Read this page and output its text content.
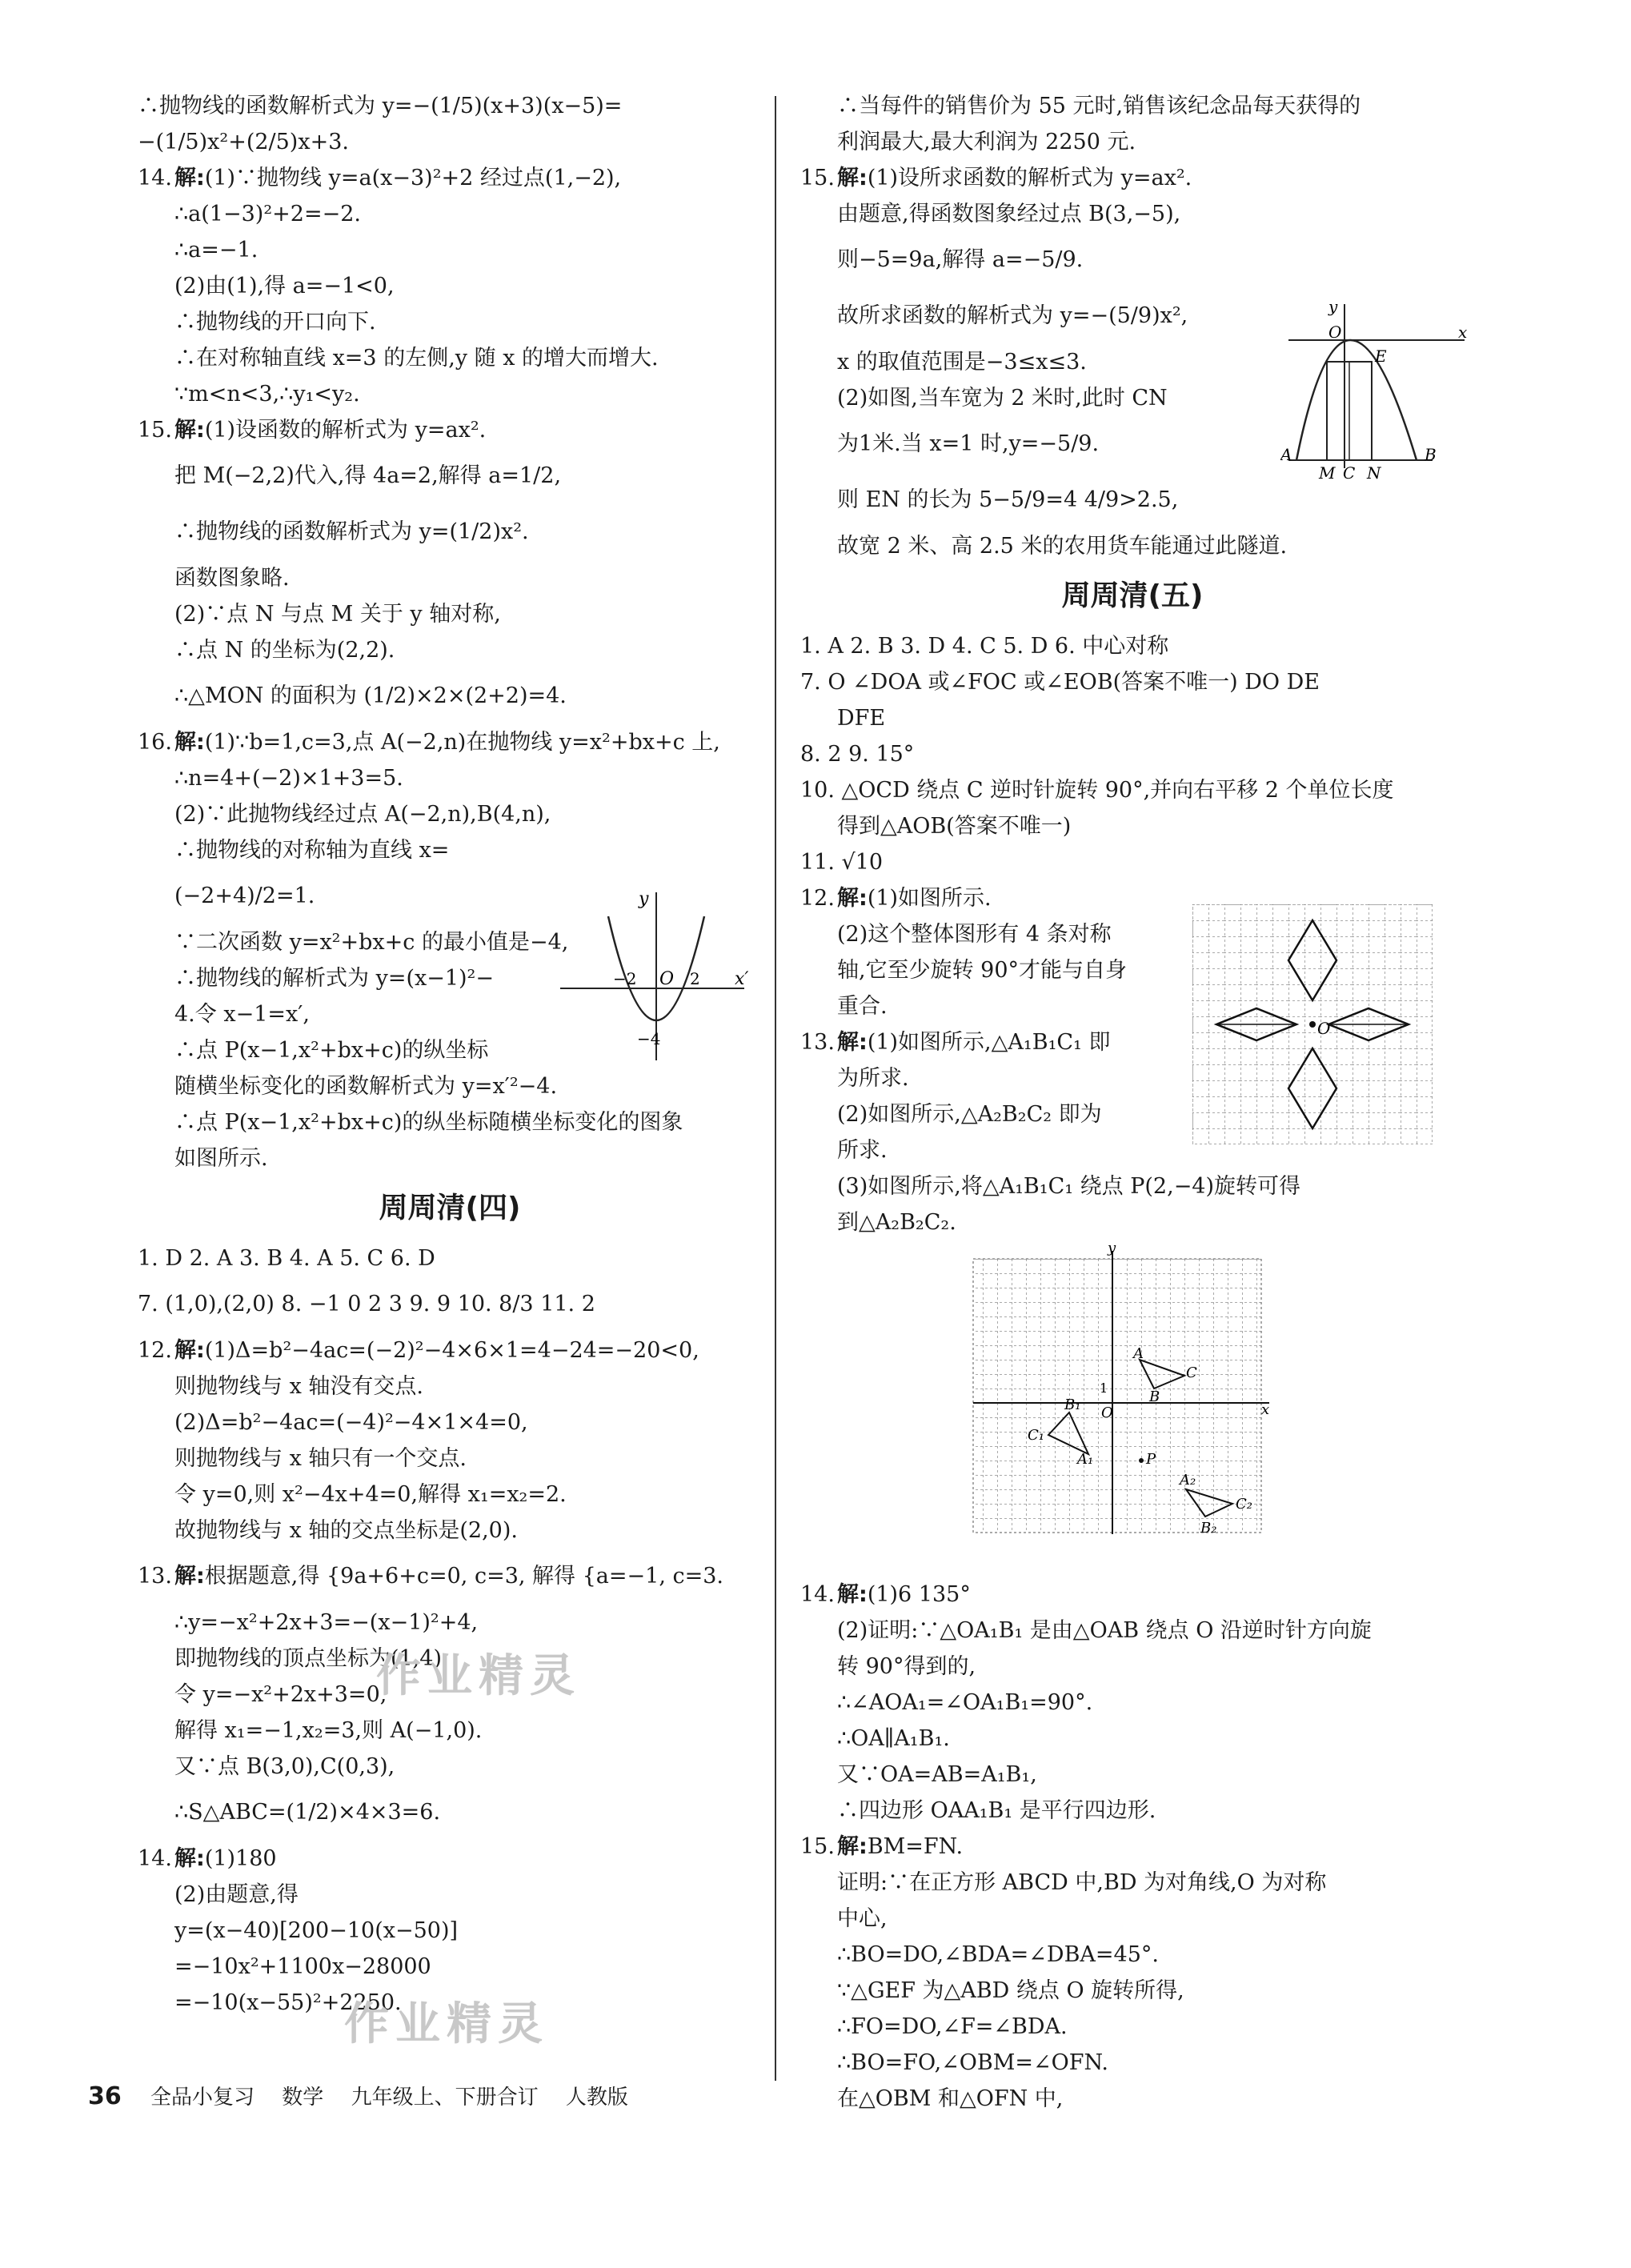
∴抛物线的函数解析式为 y=−(1/5)(x+3)(x−5)=
−(1/5)x²+(2/5)x+3.
14. 解:(1)∵抛物线 y=a(x−3)²+2 经过点(1,−2),
∴a(1−3)²+2=−2.
∴a=−1.
(2)由(1),得 a=−1<0,
∴抛物线的开口向下.
∴在对称轴直线 x=3 的左侧,y 随 x 的增大而增大.
∵m<n<3,∴y₁<y₂.
15. 解:(1)设函数的解析式为 y=ax².
把 M(−2,2)代入,得 4a=2,解得 a=1/2,
∴抛物线的函数解析式为 y=(1/2)x².
函数图象略.
(2)∵点 N 与点 M 关于 y 轴对称,
∴点 N 的坐标为(2,2).
∴△MON 的面积为 (1/2)×2×(2+2)=4.
16. 解:(1)∵b=1,c=3,点 A(−2,n)在抛物线 y=x²+bx+c 上,
∴n=4+(−2)×1+3=5.
(2)∵此抛物线经过点 A(−2,n),B(4,n),
∴抛物线的对称轴为直线 x=
(−2+4)/2=1.
∵二次函数 y=x²+bx+c 的最小值是−4,
∴抛物线的解析式为 y=(x−1)²−
4.令 x−1=x′,
∴点 P(x−1,x²+bx+c)的纵坐标
随横坐标变化的函数解析式为 y=x′²−4.
∴点 P(x−1,x²+bx+c)的纵坐标随横坐标变化的图象
如图所示.
周周清(四)
1. D 2. A 3. B 4. A 5. C 6. D
7. (1,0),(2,0) 8. −1 0 2 3 9. 9 10. 8/3 11. 2
12. 解:(1)Δ=b²−4ac=(−2)²−4×6×1=4−24=−20<0,
则抛物线与 x 轴没有交点.
(2)Δ=b²−4ac=(−4)²−4×1×4=0,
则抛物线与 x 轴只有一个交点.
令 y=0,则 x²−4x+4=0,解得 x₁=x₂=2.
故抛物线与 x 轴的交点坐标是(2,0).
13. 解:根据题意,得 {9a+6+c=0, c=3, 解得 {a=−1, c=3.
∴y=−x²+2x+3=−(x−1)²+4,
即抛物线的顶点坐标为(1,4).
令 y=−x²+2x+3=0,
解得 x₁=−1,x₂=3,则 A(−1,0).
又∵点 B(3,0),C(0,3),
∴S△ABC=(1/2)×4×3=6.
14. 解:(1)180
(2)由题意,得
y=(x−40)[200−10(x−50)]
=−10x²+1100x−28000
=−10(x−55)²+2250.
y
x′
O
−2	2
−4
∴当每件的销售价为 55 元时,销售该纪念品每天获得的
利润最大,最大利润为 2250 元.
15. 解:(1)设所求函数的解析式为 y=ax².
由题意,得函数图象经过点 B(3,−5),
则−5=9a,解得 a=−5/9.
故所求函数的解析式为 y=−(5/9)x²,
x 的取值范围是−3≤x≤3.
(2)如图,当车宽为 2 米时,此时 CN
为1米.当 x=1 时,y=−5/9.
则 EN 的长为 5−5/9=4 4/9>2.5,
故宽 2 米、高 2.5 米的农用货车能通过此隧道.
周周清(五)
1. A 2. B 3. D 4. C 5. D 6. 中心对称
7. O ∠DOA 或∠FOC 或∠EOB(答案不唯一) DO DE
DFE
8. 2 9. 15°
10. △OCD 绕点 C 逆时针旋转 90°,并向右平移 2 个单位长度
得到△AOB(答案不唯一)
11. √10
12. 解:(1)如图所示.
(2)这个整体图形有 4 条对称
轴,它至少旋转 90°才能与自身
重合.
13. 解:(1)如图所示,△A₁B₁C₁ 即
为所求.
(2)如图所示,△A₂B₂C₂ 即为
所求.
(3)如图所示,将△A₁B₁C₁ 绕点 P(2,−4)旋转可得
到△A₂B₂C₂.
14. 解:(1)6 135°
(2)证明:∵△OA₁B₁ 是由△OAB 绕点 O 沿逆时针方向旋
转 90°得到的,
∴∠AOA₁=∠OA₁B₁=90°.
∴OA∥A₁B₁.
又∵OA=AB=A₁B₁,
∴四边形 OAA₁B₁ 是平行四边形.
15. 解:BM=FN.
证明:∵在正方形 ABCD 中,BD 为对角线,O 为对称
中心,
∴BO=DO,∠BDA=∠DBA=45°.
∵△GEF 为△ABD 绕点 O 旋转所得,
∴FO=DO,∠F=∠BDA.
∴BO=FO,∠OBM=∠OFN.
在△OBM 和△OFN 中,
y
x
O
E
A	B
M C N
O
y
x
O
1
A
B
C
A₁
B₁
C₁
P
A₂
B₂
C₂
作业精灵
作业精灵
36 全品小复习 数学 九年级上、下册合订 人教版
